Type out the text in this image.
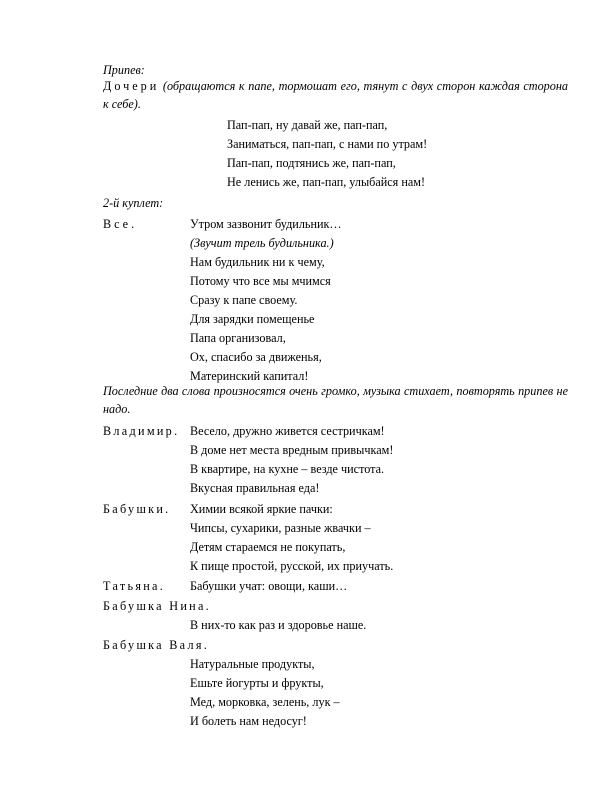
Припев:
Дочери (обращаются к папе, тормошат его, тянут с двух сторон каждая сторона к себе).
Пап-пап, ну давай же, пап-пап,
Заниматься, пап-пап, с нами по утрам!
Пап-пап, подтянись же, пап-пап,
Не ленись же, пап-пап, улыбайся нам!
2-й куплет:
Все.	Утром зазвонит будильник…
(Звучит трель будильника.)
Нам будильник ни к чему,
Потому что все мы мчимся
Сразу к папе своему.
Для зарядки помещенье
Папа организовал,
Ох, спасибо за движенья,
Материнский капитал!
Последние два слова произносятся очень громко, музыка стихает, повторять припев не надо.
Владимир. Весело, дружно живется сестричкам!
В доме нет места вредным привычкам!
В квартире, на кухне – везде чистота.
Вкусная правильная еда!
Бабушки. Химии всякой яркие пачки:
Чипсы, сухарики, разные жвачки –
Детям стараемся не покупать,
К пище простой, русской, их приучать.
Татьяна. Бабушки учат: овощи, каши…
Бабушка Нина.
В них-то как раз и здоровье наше.
Бабушка Валя.
Натуральные продукты,
Ешьте йогурты и фрукты,
Мед, морковка, зелень, лук –
И болеть нам недосуг!
